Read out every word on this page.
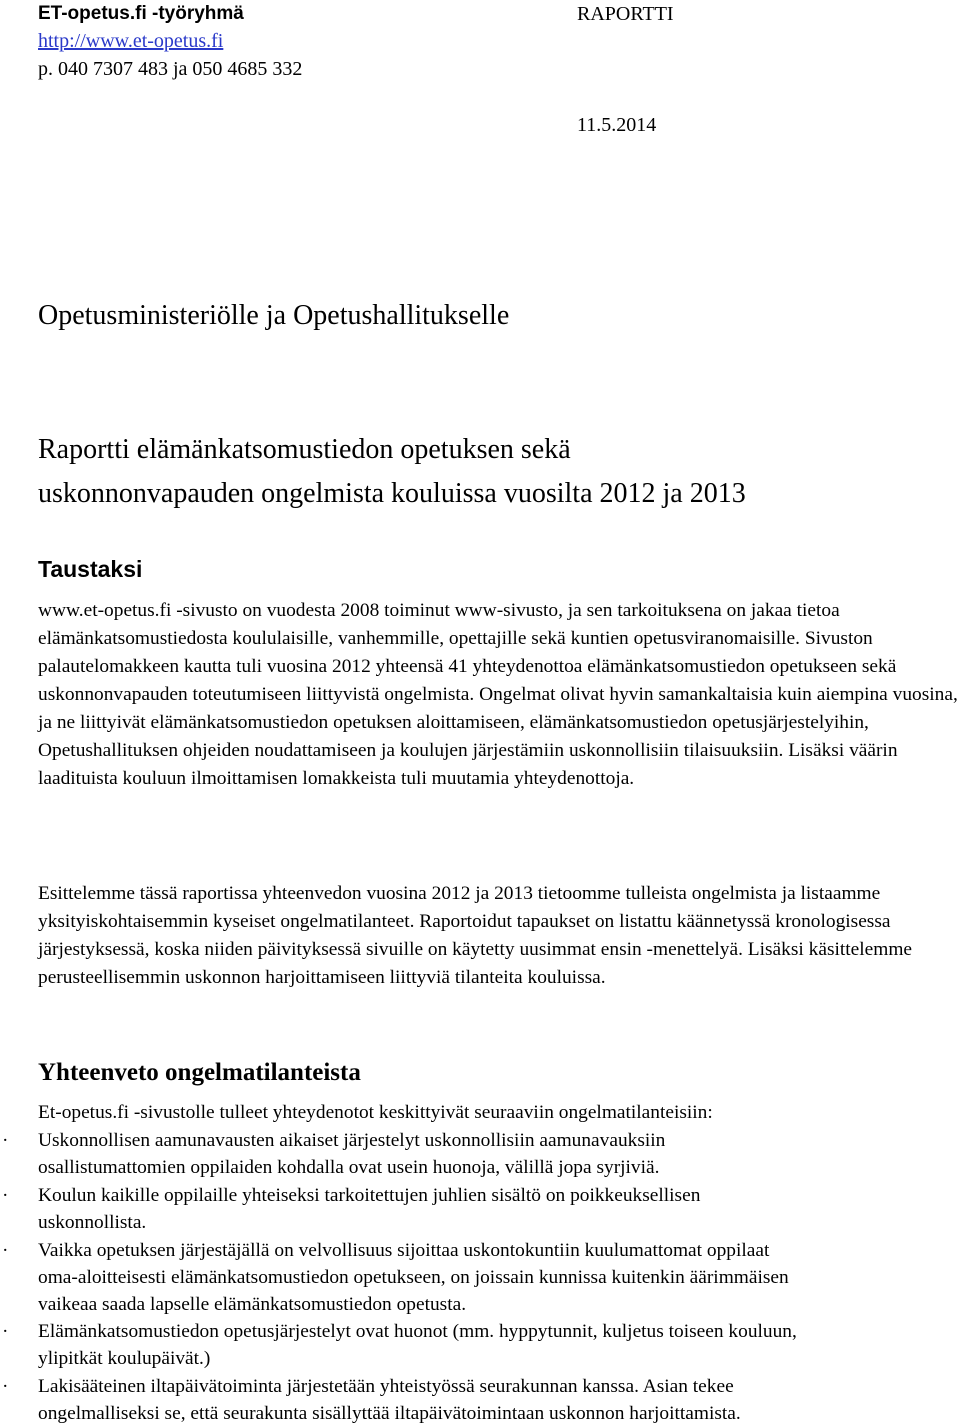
ET-opetus.fi -työryhmä
http://www.et-opetus.fi
p. 040 7307 483 ja 050 4685 332
RAPORTTI
11.5.2014
Opetusministeriölle ja Opetushallitukselle
Raportti elämänkatsomustiedon opetuksen sekä
uskonnonvapauden ongelmista kouluissa vuosilta 2012 ja 2013
Taustaksi

www.et-opetus.fi -sivusto on vuodesta 2008 toiminut www-sivusto, ja sen tarkoituksena on jakaa tietoa elämänkatsomustiedosta koululaisille, vanhemmille, opettajille sekä kuntien opetusviranomaisille. Sivuston palautelomakkeen kautta tuli vuosina 2012 yhteensä 41 yhteydenottoa elämänkatsomustiedon opetukseen sekä uskonnonvapauden toteutumiseen liittyvistä ongelmista. Ongelmat olivat hyvin samankaltaisia kuin aiempina vuosina, ja ne liittyivät elämänkatsomustiedon opetuksen aloittamiseen, elämänkatsomustiedon opetusjärjestelyihin, Opetushallituksen ohjeiden noudattamiseen ja koulujen järjestämiin uskonnollisiin tilaisuuksiin. Lisäksi väärin laadituista kouluun ilmoittamisen lomakkeista tuli muutamia yhteydenottoja.

Esittelemme tässä raportissa yhteenvedon vuosina 2012 ja 2013 tietoomme tulleista ongelmista ja listaamme yksityiskohtaisemmin kyseiset ongelmatilanteet. Raportoidut tapaukset on listattu käännetyssä kronologisessa järjestyksessä, koska niiden päivityksessä sivuille on käytetty uusimmat ensin -menettelyä. Lisäksi käsittelemme perusteellisemmin uskonnon harjoittamiseen liittyviä tilanteita kouluissa.

Yhteenveto ongelmatilanteista
Et-opetus.fi -sivustolle tulleet yhteydenotot keskittyivät seuraaviin ongelmatilanteisiin:
· Uskonnollisen aamunavausten aikaiset järjestelyt uskonnollisiin aamunavauksiin
osallistumattomien oppilaiden kohdalla ovat usein huonoja, välillä jopa syrjiviä.
· Koulun kaikille oppilaille yhteiseksi tarkoitettujen juhlien sisältö on poikkeuksellisen
uskonnollista.
· Vaikka opetuksen järjestäjällä on velvollisuus sijoittaa uskontokuntiin kuulumattomat oppilaat
oma-aloitteisesti elämänkatsomustiedon opetukseen, on joissain kunnissa kuitenkin äärimmäisen
vaikeaa saada lapselle elämänkatsomustiedon opetusta.
· Elämänkatsomustiedon opetusjärjestelyt ovat huonot (mm. hyppytunnit, kuljetus toiseen kouluun,
ylipitkät koulupäivät.)
· Lakisääteinen iltapäivätoiminta järjestetään yhteistyössä seurakunnan kanssa. Asian tekee
ongelmalliseksi se, että seurakunta sisällyttää iltapäivätoimintaan uskonnon harjoittamista.
